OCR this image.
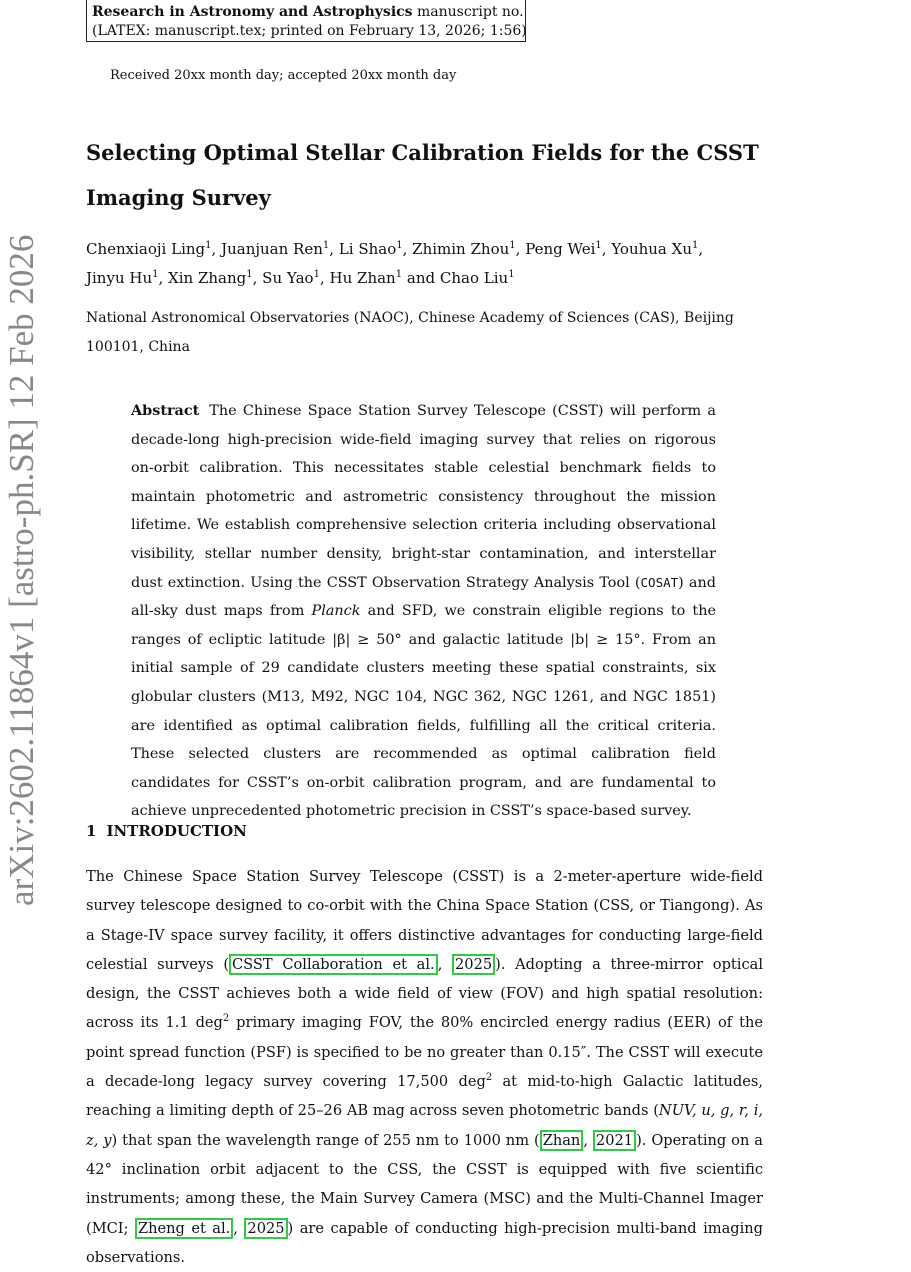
Research in Astronomy and Astrophysics manuscript no.
(LATEX: manuscript.tex; printed on February 13, 2026; 1:56)
Received 20xx month day; accepted 20xx month day
Selecting Optimal Stellar Calibration Fields for the CSST
Imaging Survey
Chenxiaoji Ling$^1$, Juanjuan Ren$^1$, Li Shao$^1$, Zhimin Zhou$^1$, Peng Wei$^1$, Youhua Xu$^1$,
Jinyu Hu$^1$, Xin Zhang$^1$, Su Yao$^1$, Hu Zhan$^1$ and Chao Liu$^1$
National Astronomical Observatories (NAOC), Chinese Academy of Sciences (CAS), Beijing
100101, China
Abstract The Chinese Space Station Survey Telescope (CSST) will perform a decade-long high-precision wide-field imaging survey that relies on rigorous on-orbit calibration. This necessitates stable celestial benchmark fields to maintain photometric and astrometric consistency throughout the mission lifetime. We establish comprehensive selection criteria including observational visibility, stellar number density, bright-star contamination, and interstellar dust extinction. Using the CSST Observation Strategy Analysis Tool (COSAT) and all-sky dust maps from Planck and SFD, we constrain eligible regions to the ranges of ecliptic latitude |β| ≥ 50° and galactic latitude |b| ≥ 15°. From an initial sample of 29 candidate clusters meeting these spatial constraints, six globular clusters (M13, M92, NGC 104, NGC 362, NGC 1261, and NGC 1851) are identified as optimal calibration fields, fulfilling all the critical criteria. These selected clusters are recommended as optimal calibration field candidates for CSST’s on-orbit calibration program, and are fundamental to achieve unprecedented photometric precision in CSST’s space-based survey.
1 INTRODUCTION
The Chinese Space Station Survey Telescope (CSST) is a 2-meter-aperture wide-field survey telescope designed to co-orbit with the China Space Station (CSS, or Tiangong). As a Stage-IV space survey facility, it offers distinctive advantages for conducting large-field celestial surveys ( CSST Collaboration et al. , 2025 ). Adopting a three-mirror optical design, the CSST achieves both a wide field of view (FOV) and high spatial resolution: across its 1.1 deg$^2$ primary imaging FOV, the 80% encircled energy radius (EER) of the point spread function (PSF) is specified to be no greater than 0.15″. The CSST will execute a decade-long legacy survey covering 17,500 deg$^2$ at mid-to-high Galactic latitudes, reaching a limiting depth of 25–26 AB mag across seven photometric bands (NUV, u, g, r, i, z, y) that span the wavelength range of 255 nm to 1000 nm ( Zhan , 2021 ). Operating on a 42° inclination orbit adjacent to the CSS, the CSST is equipped with five scientific instruments; among these, the Main Survey Camera (MSC) and the Multi-Channel Imager (MCI; Zheng et al. , 2025 ) are capable of conducting high-precision multi-band imaging observations.
arXiv:2602.11864v1 [astro-ph.SR] 12 Feb 2026
